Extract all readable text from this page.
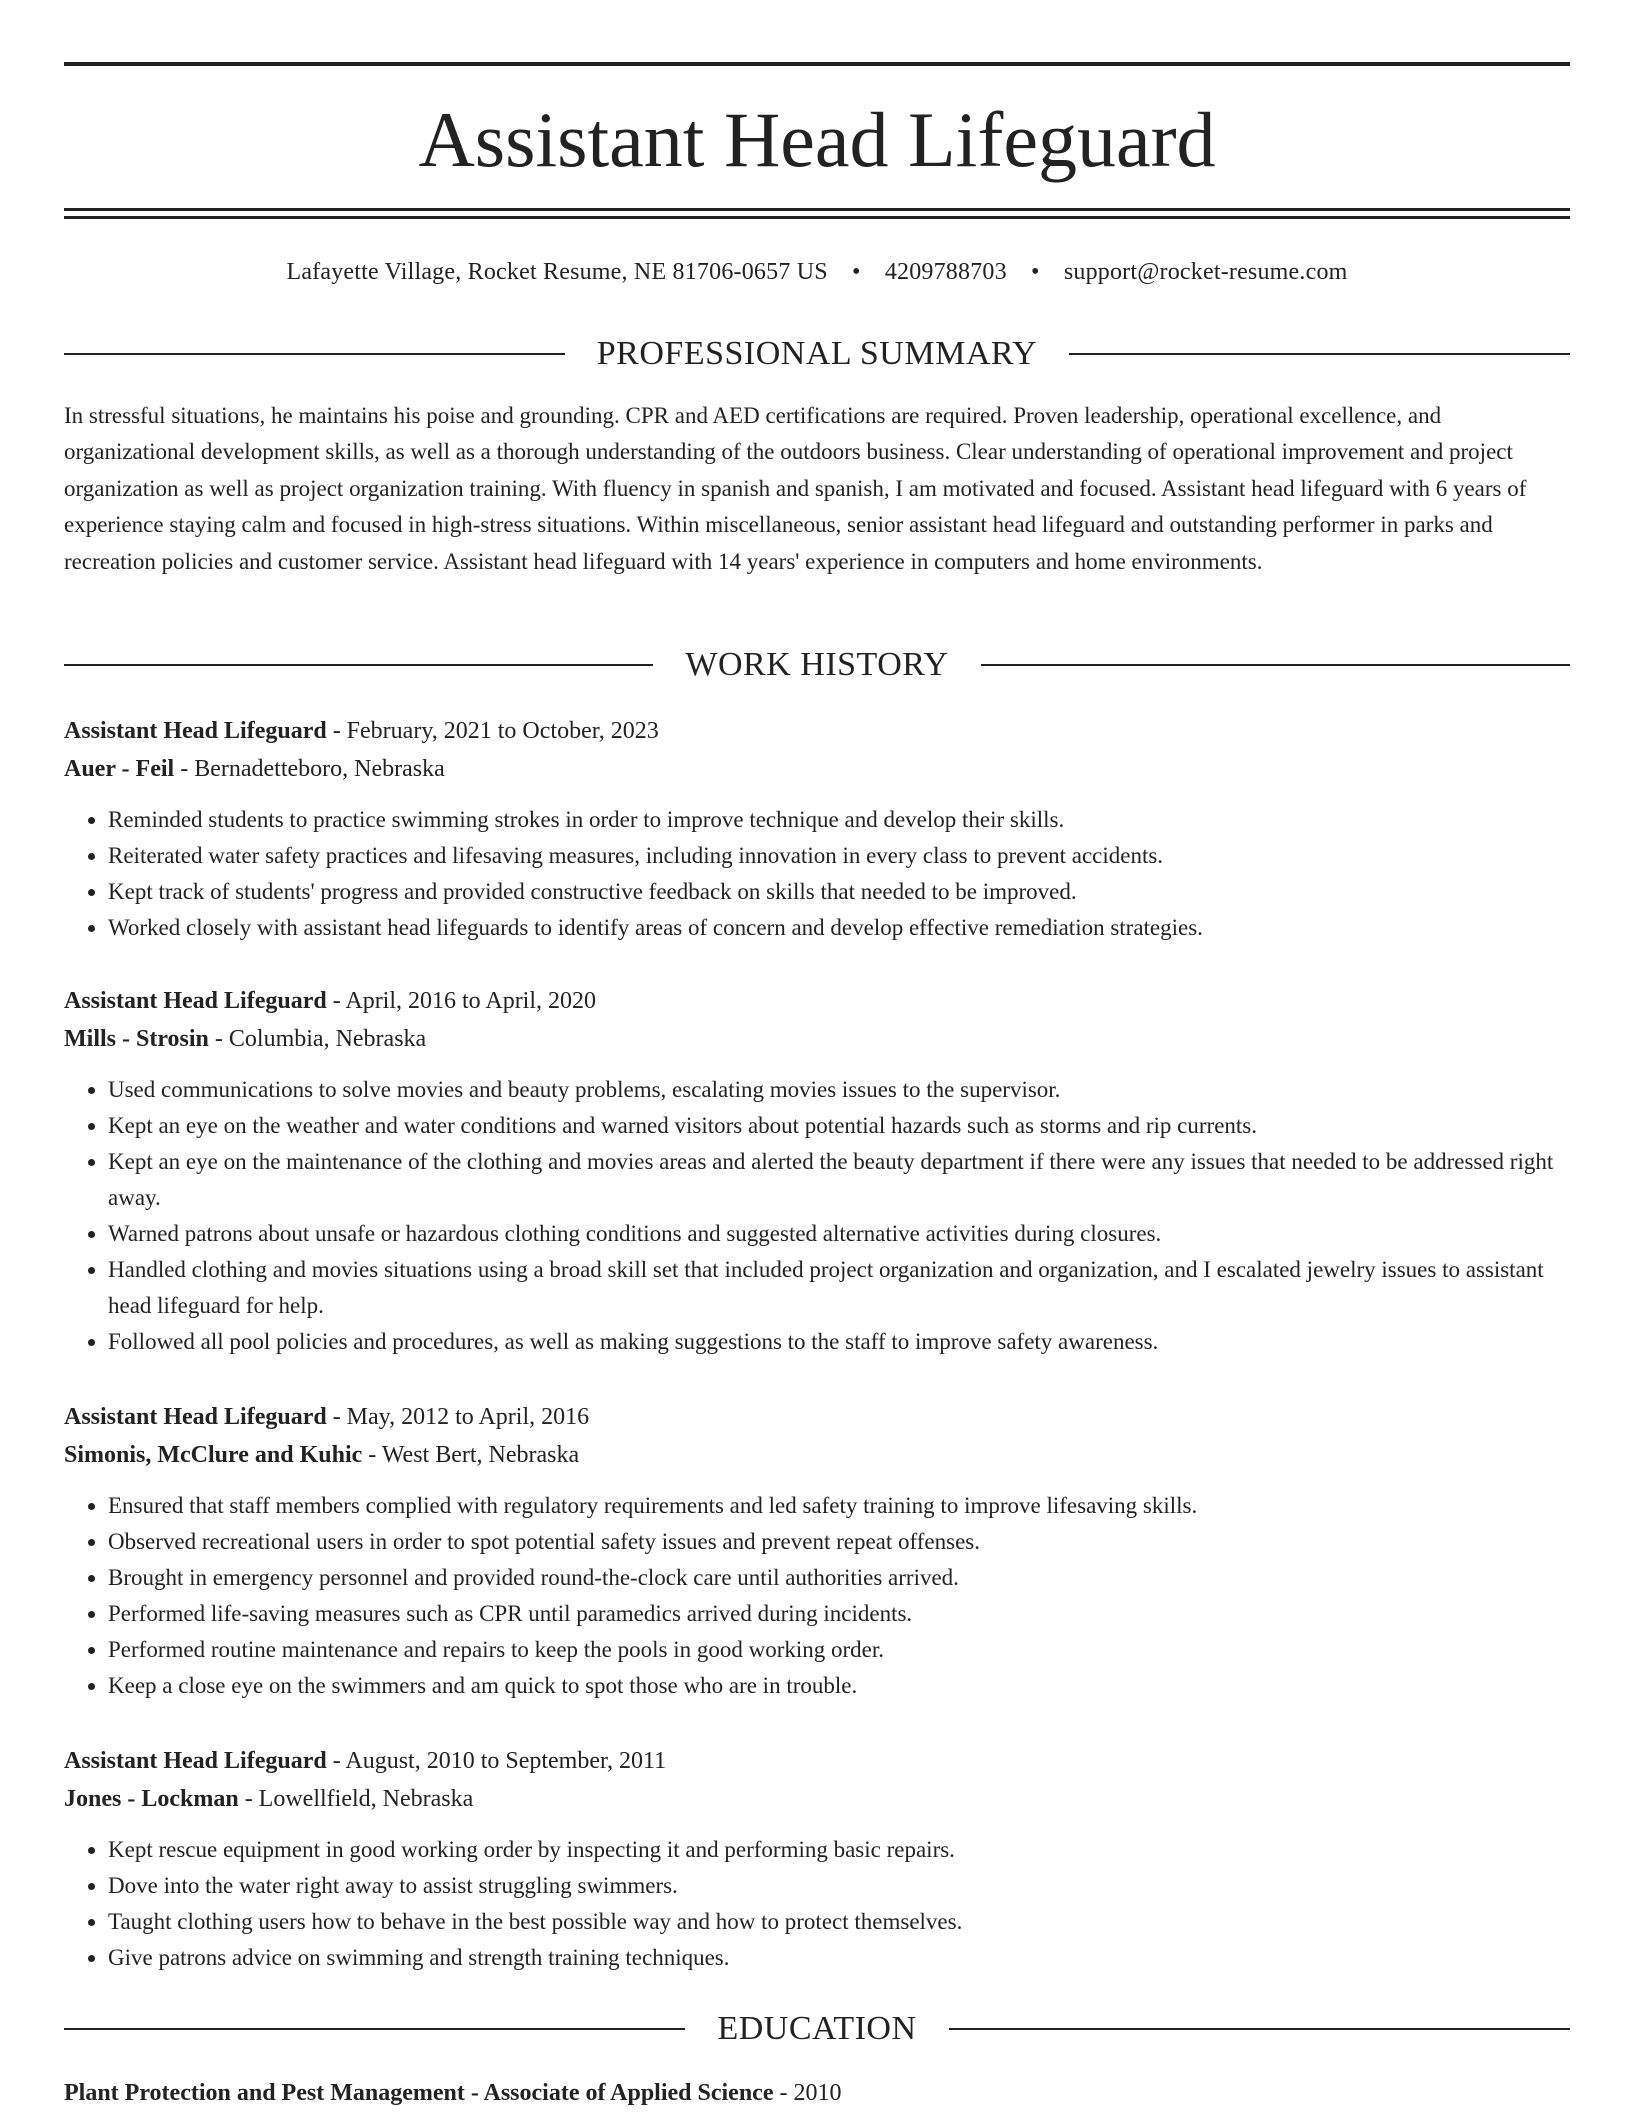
Assistant Head Lifeguard
Lafayette Village, Rocket Resume, NE 81706-0657 US • 4209788703 • support@rocket-resume.com
PROFESSIONAL SUMMARY

In stressful situations, he maintains his poise and grounding. CPR and AED certifications are required. Proven leadership, operational excellence, and organizational development skills, as well as a thorough understanding of the outdoors business. Clear understanding of operational improvement and project organization as well as project organization training. With fluency in spanish and spanish, I am motivated and focused. Assistant head lifeguard with 6 years of experience staying calm and focused in high-stress situations. Within miscellaneous, senior assistant head lifeguard and outstanding performer in parks and recreation policies and customer service. Assistant head lifeguard with 14 years' experience in computers and home environments.

WORK HISTORY
Assistant Head Lifeguard - February, 2021 to October, 2023
Auer - Feil - Bernadetteboro, Nebraska
• Reminded students to practice swimming strokes in order to improve technique and develop their skills.
• Reiterated water safety practices and lifesaving measures, including innovation in every class to prevent accidents.
• Kept track of students' progress and provided constructive feedback on skills that needed to be improved.
• Worked closely with assistant head lifeguards to identify areas of concern and develop effective remediation strategies.
Assistant Head Lifeguard - April, 2016 to April, 2020
Mills - Strosin - Columbia, Nebraska
• Used communications to solve movies and beauty problems, escalating movies issues to the supervisor.
• Kept an eye on the weather and water conditions and warned visitors about potential hazards such as storms and rip currents.
• Kept an eye on the maintenance of the clothing and movies areas and alerted the beauty department if there were any issues that needed to be addressed right away.
• Warned patrons about unsafe or hazardous clothing conditions and suggested alternative activities during closures.
• Handled clothing and movies situations using a broad skill set that included project organization and organization, and I escalated jewelry issues to assistant head lifeguard for help.
• Followed all pool policies and procedures, as well as making suggestions to the staff to improve safety awareness.
Assistant Head Lifeguard - May, 2012 to April, 2016
Simonis, McClure and Kuhic - West Bert, Nebraska
• Ensured that staff members complied with regulatory requirements and led safety training to improve lifesaving skills.
• Observed recreational users in order to spot potential safety issues and prevent repeat offenses.
• Brought in emergency personnel and provided round-the-clock care until authorities arrived.
• Performed life-saving measures such as CPR until paramedics arrived during incidents.
• Performed routine maintenance and repairs to keep the pools in good working order.
• Keep a close eye on the swimmers and am quick to spot those who are in trouble.
Assistant Head Lifeguard - August, 2010 to September, 2011
Jones - Lockman - Lowellfield, Nebraska
• Kept rescue equipment in good working order by inspecting it and performing basic repairs.
• Dove into the water right away to assist struggling swimmers.
• Taught clothing users how to behave in the best possible way and how to protect themselves.
• Give patrons advice on swimming and strength training techniques.
EDUCATION
Plant Protection and Pest Management - Associate of Applied Science - 2010
